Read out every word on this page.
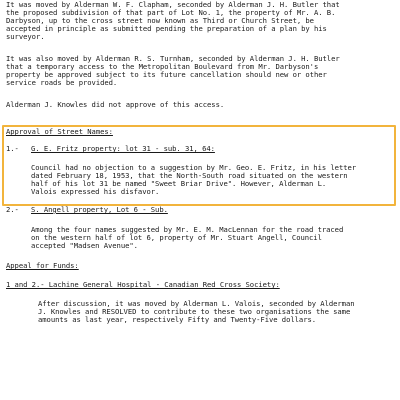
It was moved by Alderman W. F. Clapham, seconded by Alderman J. H. Butler that
the proposed subdivision of that part of Lot No. 1, the property of Mr. A. B.
Darbyson, up to the cross street now known as Third or Church Street, be
accepted in principle as submitted pending the preparation of a plan by his
surveyor.
It was also moved by Alderman R. S. Turnham, seconded by Alderman J. H. Butler
that a temporary access to the Metropolitan Boulevard from Mr. Darbyson's
property be approved subject to its future cancellation should new or other
service roads be provided.
Alderman J. Knowles did not approve of this access.
Approval of Street Names:
1.- G. E. Fritz property: lot 31 - sub. 31, 64:
Council had no objection to a suggestion by Mr. Geo. E. Fritz, in his letter
dated February 18, 1953, that the North-South road situated on the western
half of his lot 31 be named "Sweet Briar Drive". However, Alderman L.
Valois expressed his disfavor.
2.- S. Angell property, Lot 6 - Sub.
Among the four names suggested by Mr. E. M. MacLennan for the road traced
on the western half of lot 6, property of Mr. Stuart Angell, Council
accepted "Madsen Avenue".
Appeal for Funds:
1 and 2.- Lachine General Hospital - Canadian Red Cross Society:
After discussion, it was moved by Alderman L. Valois, seconded by Alderman
J. Knowles and RESOLVED to contribute to these two organisations the same
amounts as last year, respectively Fifty and Twenty-Five dollars.
